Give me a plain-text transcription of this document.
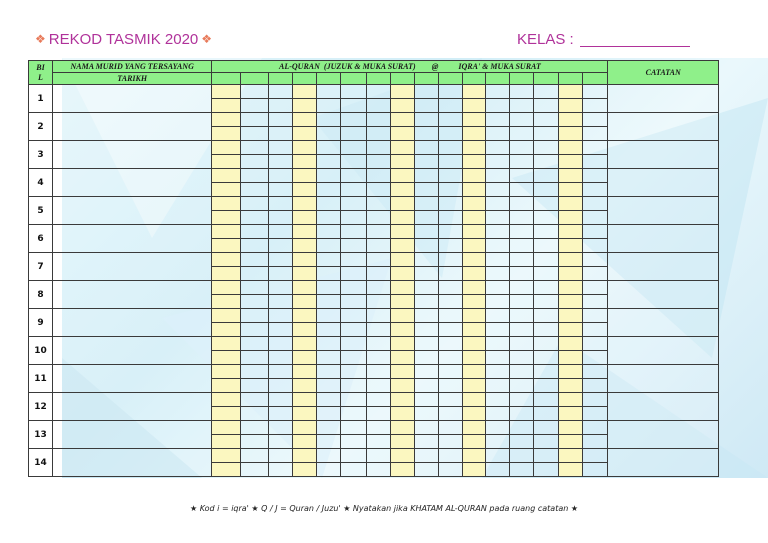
❖ REKOD TASMIK 2020 ❖	KELAS :
BIL	NAMA MURID YANG TERSAYANG	AL-QURAN  (JUZUK & MUKA SURAT)        @          IQRA' & MUKA SURAT																CATATAN
	TARIKH																	
1																		

2																		

3																		

4																		

5																		

6																		

7																		

8																		

9																		

10																		

11																		

12																		

13																		

14																		

★ Kod i = iqra' ★ Q / J = Quran / Juzu' ★ Nyatakan jika KHATAM AL-QURAN pada ruang catatan ★
